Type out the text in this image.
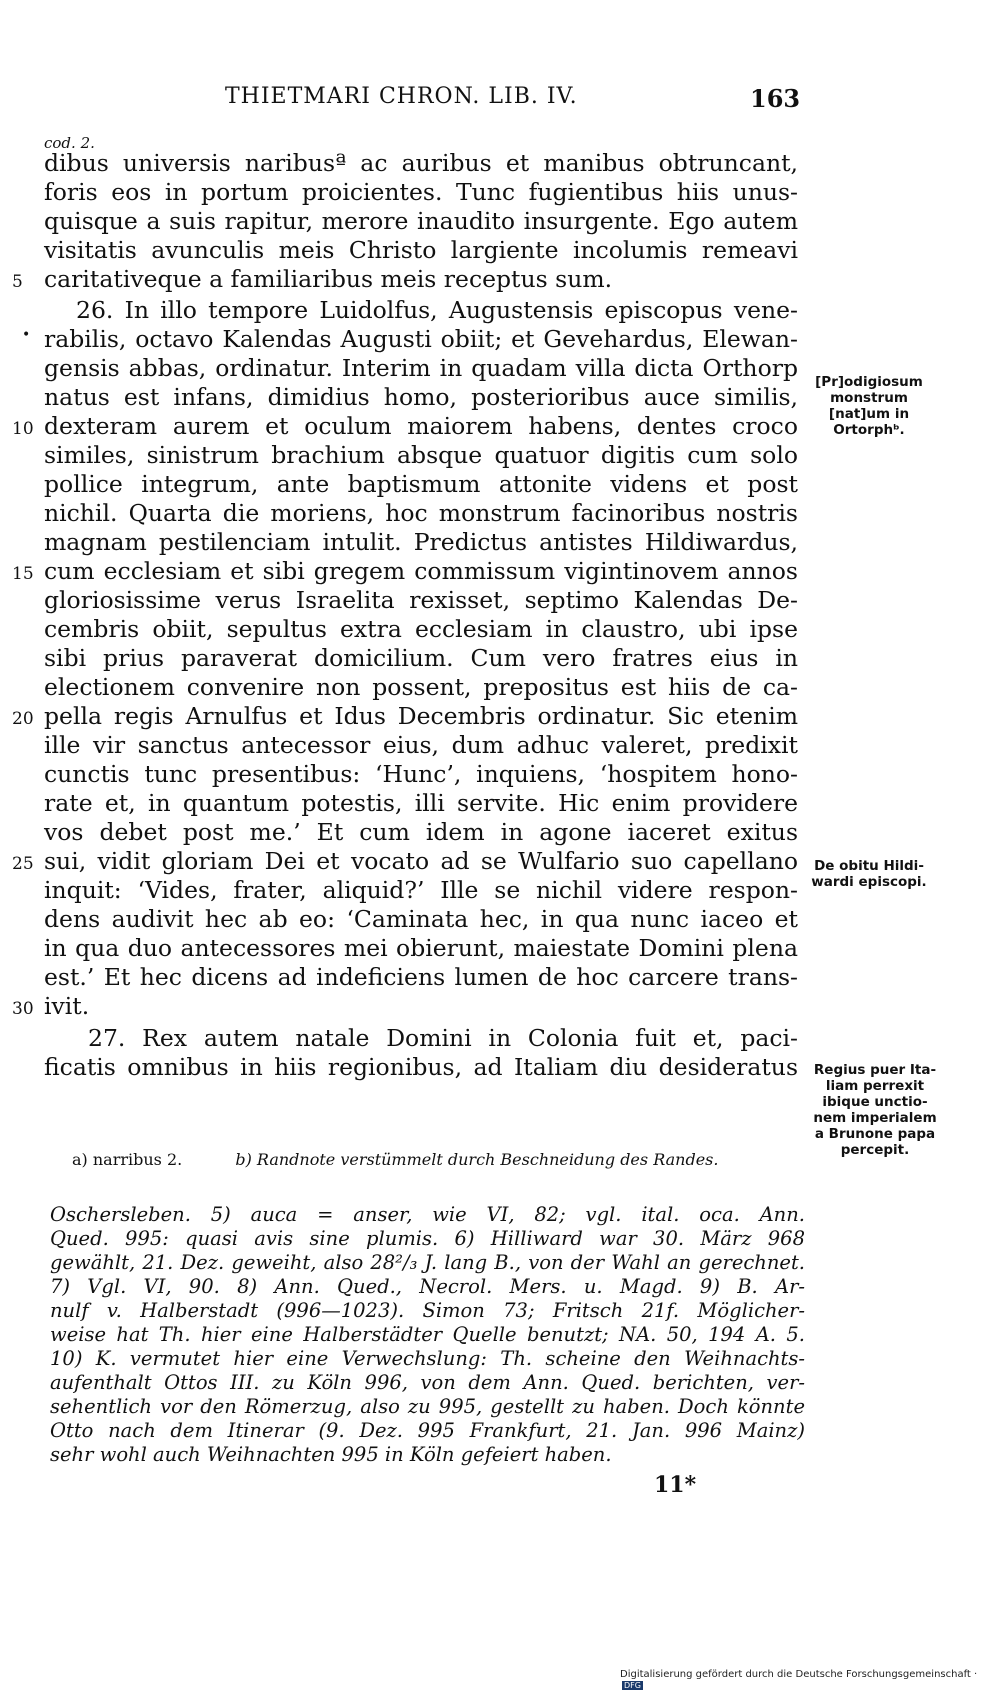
THIETMARI CHRON. LIB. IV.	163
cod. 2.
•
dibus universis naribusª ac auribus et manibus obtruncant,
foris eos in portum proicientes. Tunc fugientibus hiis unus-
quisque a suis rapitur, merore inaudito insurgente. Ego autem
visitatis avunculis meis Christo largiente incolumis remeavi
caritativeque a familiaribus meis receptus sum.
26. In illo tempore Luidolfus, Augustensis episcopus vene-
rabilis, octavo Kalendas Augusti obiit; et Gevehardus, Elewan-
gensis abbas, ordinatur. Interim in quadam villa dicta Orthorp
natus est infans, dimidius homo, posterioribus auce similis,
dexteram aurem et oculum maiorem habens, dentes croco
similes, sinistrum brachium absque quatuor digitis cum solo
pollice integrum, ante baptismum attonite videns et post
nichil. Quarta die moriens, hoc monstrum facinoribus nostris
magnam pestilenciam intulit. Predictus antistes Hildiwardus,
cum ecclesiam et sibi gregem commissum vigintinovem annos
gloriosissime verus Israelita rexisset, septimo Kalendas De-
cembris obiit, sepultus extra ecclesiam in claustro, ubi ipse
sibi prius paraverat domicilium. Cum vero fratres eius in
electionem convenire non possent, prepositus est hiis de ca-
pella regis Arnulfus et Idus Decembris ordinatur. Sic etenim
ille vir sanctus antecessor eius, dum adhuc valeret, predixit
cunctis tunc presentibus: ‘Hunc’, inquiens, ‘hospitem hono-
rate et, in quantum potestis, illi servite. Hic enim providere
vos debet post me.’ Et cum idem in agone iaceret exitus
sui, vidit gloriam Dei et vocato ad se Wulfario suo capellano
inquit: ‘Vides, frater, aliquid?’ Ille se nichil videre respon-
dens audivit hec ab eo: ‘Caminata hec, in qua nunc iaceo et
in qua duo antecessores mei obierunt, maiestate Domini plena
est.’ Et hec dicens ad indeficiens lumen de hoc carcere trans-
ivit.
27. Rex autem natale Domini in Colonia fuit et, paci-
ficatis omnibus in hiis regionibus, ad Italiam diu desideratus
5
10
15
20
25
30
[Pr]odigiosum
monstrum
[nat]um in
Ortorphᵇ.
De obitu Hildi-
wardi episcopi.
Regius puer Ita-
liam perrexit
ibique unctio-
nem imperialem
a Brunone papa
percepit.
a) narribus 2.	b) Randnote verstümmelt durch Beschneidung des Randes.
Oschersleben. 5) auca = anser, wie VI, 82; vgl. ital. oca. Ann.
Qued. 995: quasi avis sine plumis. 6) Hilliward war 30. März 968
gewählt, 21. Dez. geweiht, also 28²/₃ J. lang B., von der Wahl an gerechnet.
7) Vgl. VI, 90. 8) Ann. Qued., Necrol. Mers. u. Magd. 9) B. Ar-
nulf v. Halberstadt (996—1023). Simon 73; Fritsch 21f. Möglicher-
weise hat Th. hier eine Halberstädter Quelle benutzt; NA. 50, 194 A. 5.
10) K. vermutet hier eine Verwechslung: Th. scheine den Weihnachts-
aufenthalt Ottos III. zu Köln 996, von dem Ann. Qued. berichten, ver-
sehentlich vor den Römerzug, also zu 995, gestellt zu haben. Doch könnte
Otto nach dem Itinerar (9. Dez. 995 Frankfurt, 21. Jan. 996 Mainz)
sehr wohl auch Weihnachten 995 in Köln gefeiert haben.
11*
Digitalisierung gefördert durch die Deutsche Forschungsgemeinschaft · DFG
